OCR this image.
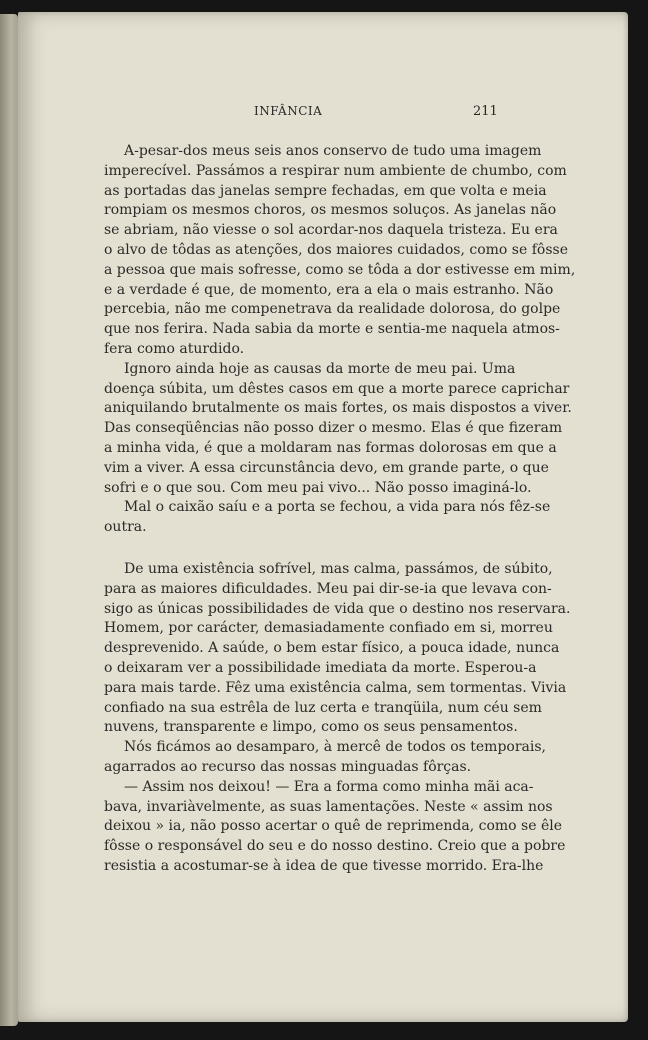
INFÂNCIA	211
A-pesar-dos meus seis anos conservo de tudo uma imagem
imperecível. Passámos a respirar num ambiente de chumbo, com
as portadas das janelas sempre fechadas, em que volta e meia
rompiam os mesmos choros, os mesmos soluços. As janelas não
se abriam, não viesse o sol acordar-nos daquela tristeza. Eu era
o alvo de tôdas as atenções, dos maiores cuidados, como se fôsse
a pessoa que mais sofresse, como se tôda a dor estivesse em mim,
e a verdade é que, de momento, era a ela o mais estranho. Não
percebia, não me compenetrava da realidade dolorosa, do golpe
que nos ferira. Nada sabia da morte e sentia-me naquela atmos-
fera como aturdido.
Ignoro ainda hoje as causas da morte de meu pai. Uma
doença súbita, um dêstes casos em que a morte parece caprichar
aniquilando brutalmente os mais fortes, os mais dispostos a viver.
Das conseqüências não posso dizer o mesmo. Elas é que fizeram
a minha vida, é que a moldaram nas formas dolorosas em que a
vim a viver. A essa circunstância devo, em grande parte, o que
sofri e o que sou. Com meu pai vivo... Não posso imaginá-lo.
Mal o caixão saíu e a porta se fechou, a vida para nós fêz-se
outra.
De uma existência sofrível, mas calma, passámos, de súbito,
para as maiores dificuldades. Meu pai dir-se-ia que levava con-
sigo as únicas possibilidades de vida que o destino nos reservara.
Homem, por carácter, demasiadamente confiado em si, morreu
desprevenido. A saúde, o bem estar físico, a pouca idade, nunca
o deixaram ver a possibilidade imediata da morte. Esperou-a
para mais tarde. Fêz uma existência calma, sem tormentas. Vivia
confiado na sua estrêla de luz certa e tranqüila, num céu sem
nuvens, transparente e limpo, como os seus pensamentos.
Nós ficámos ao desamparo, à mercê de todos os temporais,
agarrados ao recurso das nossas minguadas fôrças.
— Assim nos deixou! — Era a forma como minha mãi aca-
bava, invariàvelmente, as suas lamentações. Neste « assim nos
deixou » ia, não posso acertar o quê de reprimenda, como se êle
fôsse o responsável do seu e do nosso destino. Creio que a pobre
resistia a acostumar-se à idea de que tivesse morrido. Era-lhe
